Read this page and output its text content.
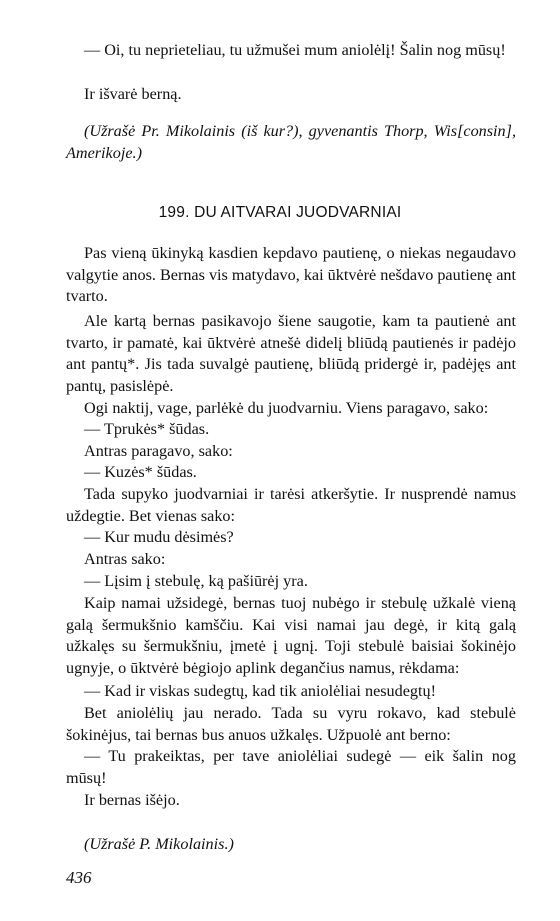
— Oi, tu neprieteliau, tu užmušei mum aniolėlį! Šalin nog mūsų!

Ir išvarė berną.

(Užrašė Pr. Mikolainis (iš kur?), gyvenantis Thorp, Wis[consin], Amerikoje.)

199. DU AITVARAI JUODVARNIAI

Pas vieną ūkinyką kasdien kepdavo pautienę, o niekas negaudavo valgytie anos. Bernas vis matydavo, kai ūktvėrė nešdavo pautienę ant tvarto.

Ale kartą bernas pasikavojo šiene saugotie, kam ta pautienė ant tvarto, ir pamatė, kai ūktvėrė atnešė didelį bliūdą pautienės ir padėjo ant pantų*. Jis tada suvalgė pautienę, bliūdą pridergė ir, padėjęs ant pantų, pasislėpė.

Ogi naktij, vage, parlėkė du juodvarniu. Viens paragavo, sako:

— Tprukės* šūdas.

Antras paragavo, sako:

— Kuzės* šūdas.

Tada supyko juodvarniai ir tarėsi atkeršytie. Ir nusprendė namus uždegtie. Bet vienas sako:

— Kur mudu dėsimės?

Antras sako:

— Lįsim į stebulę, ką pašiūrėj yra.

Kaip namai užsidegė, bernas tuoj nubėgo ir stebulę užkalė vieną galą šermukšnio kamščiu. Kai visi namai jau degė, ir kitą galą užkalęs su šermukšniu, įmetė į ugnį. Toji stebulė baisiai šokinėjo ugnyje, o ūktvėrė bėgiojo aplink degančius namus, rėkdama:

— Kad ir viskas sudegtų, kad tik aniolėliai nesudegtų!

Bet aniolėlių jau nerado. Tada su vyru rokavo, kad stebulė šokinėjus, tai bernas bus anuos užkalęs. Užpuolė ant berno:

— Tu prakeiktas, per tave aniolėliai sudegė — eik šalin nog mūsų!

Ir bernas išėjo.

(Užrašė P. Mikolainis.)

436
